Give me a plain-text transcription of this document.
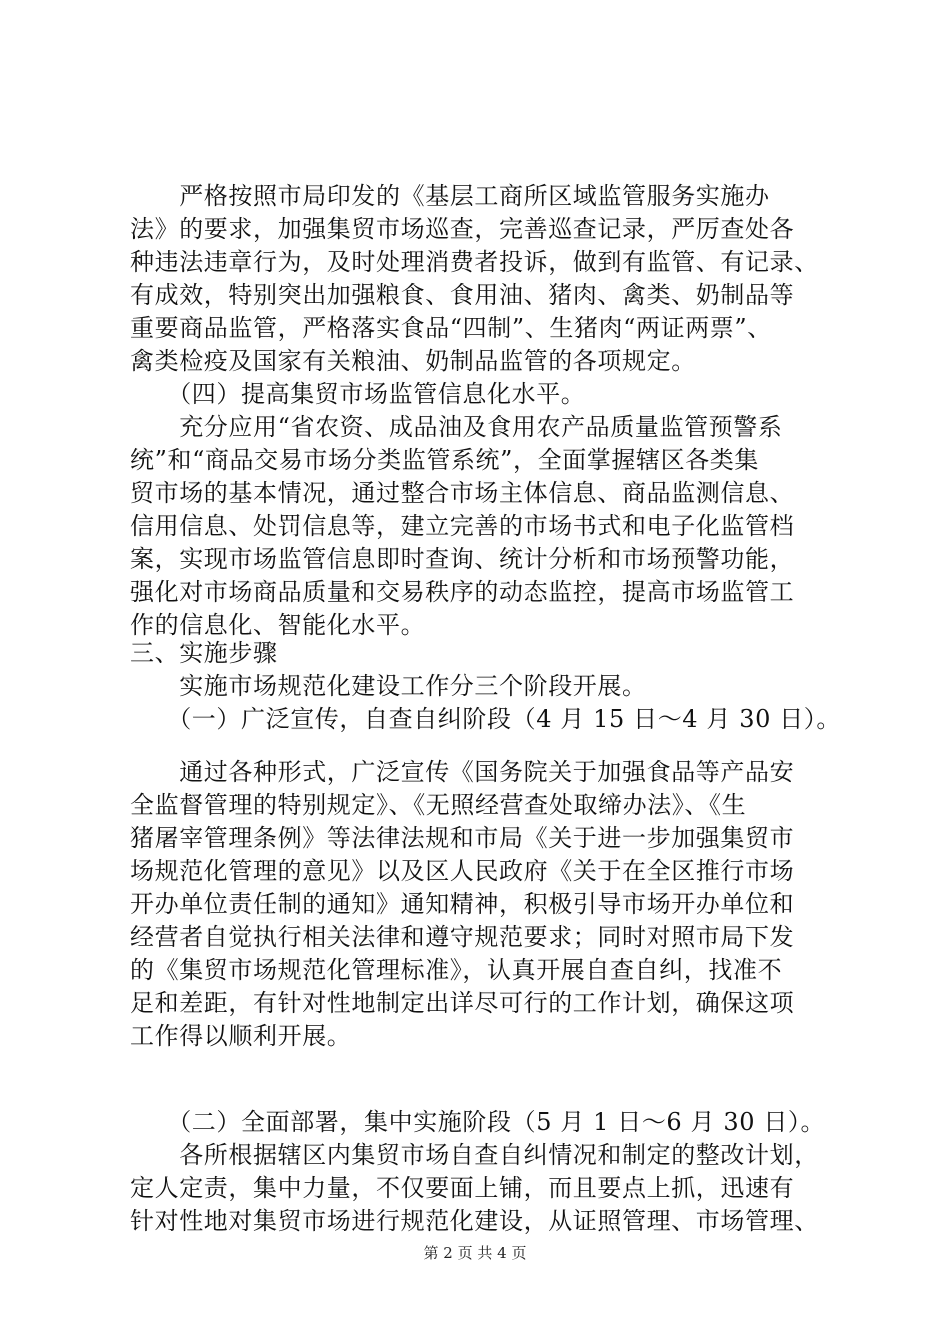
　　严格按照市局印发的《基层工商所区域监管服务实施办
法》的要求，加强集贸市场巡查，完善巡查记录，严厉查处各
种违法违章行为，及时处理消费者投诉，做到有监管、有记录、
有成效，特别突出加强粮食、食用油、猪肉、禽类、奶制品等
重要商品监管，严格落实食品“四制”、生猪肉“两证两票”、
禽类检疫及国家有关粮油、奶制品监管的各项规定。
　　（四）提高集贸市场监管信息化水平。
　　充分应用“省农资、成品油及食用农产品质量监管预警系
统”和“商品交易市场分类监管系统”，全面掌握辖区各类集
贸市场的基本情况，通过整合市场主体信息、商品监测信息、
信用信息、处罚信息等，建立完善的市场书式和电子化监管档
案，实现市场监管信息即时查询、统计分析和市场预警功能，
强化对市场商品质量和交易秩序的动态监控，提高市场监管工
作的信息化、智能化水平。
三、实施步骤
　　实施市场规范化建设工作分三个阶段开展。
　　（一）广泛宣传，自查自纠阶段（4 月 15 日～4 月 30 日）。
　　通过各种形式，广泛宣传《国务院关于加强食品等产品安
全监督管理的特别规定》、《无照经营查处取缔办法》、《生
猪屠宰管理条例》等法律法规和市局《关于进一步加强集贸市
场规范化管理的意见》以及区人民政府《关于在全区推行市场
开办单位责任制的通知》通知精神，积极引导市场开办单位和
经营者自觉执行相关法律和遵守规范要求；同时对照市局下发
的《集贸市场规范化管理标准》，认真开展自查自纠，找准不
足和差距，有针对性地制定出详尽可行的工作计划，确保这项
工作得以顺利开展。
　　（二）全面部署，集中实施阶段（5 月 1 日～6 月 30 日）。
　　各所根据辖区内集贸市场自查自纠情况和制定的整改计划，
定人定责，集中力量，不仅要面上铺，而且要点上抓，迅速有
针对性地对集贸市场进行规范化建设，从证照管理、市场管理、
第 2 页 共 4 页
